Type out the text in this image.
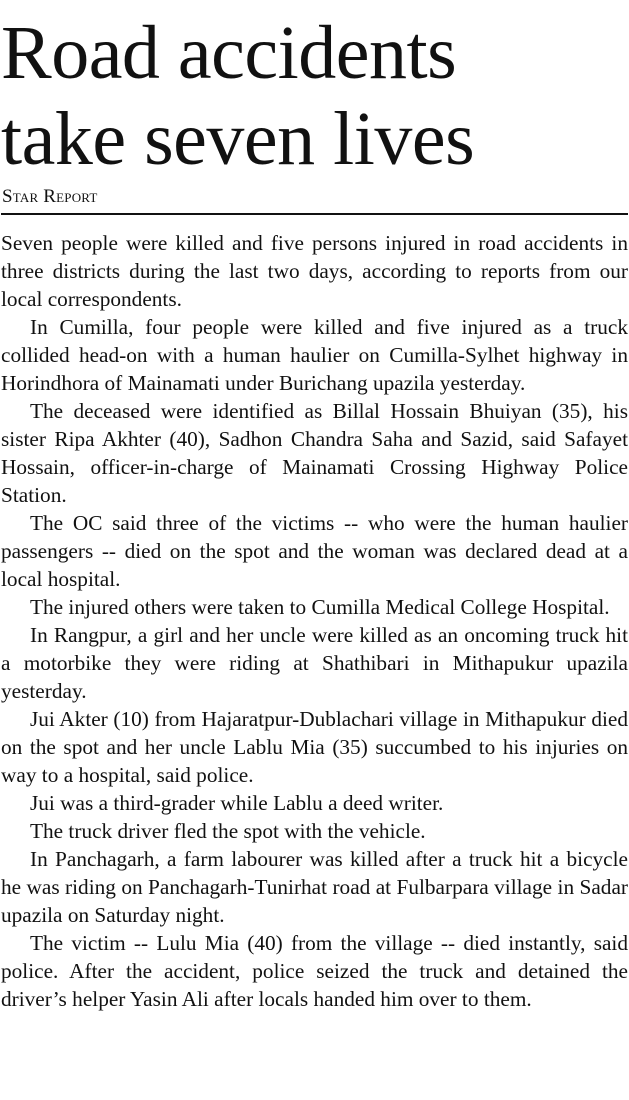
Road accidents
take seven lives
Star Report

Seven people were killed and five persons injured in road accidents in three districts during the last two days, according to reports from our local correspondents.

In Cumilla, four people were killed and five injured as a truck collided head-on with a human haulier on Cumilla-Sylhet highway in Horindhora of Mainamati under Burichang upazila yesterday.

The deceased were identified as Billal Hossain Bhuiyan (35), his sister Ripa Akhter (40), Sadhon Chandra Saha and Sazid, said Safayet Hossain, officer-in-charge of Mainamati Crossing Highway Police Station.

The OC said three of the victims -- who were the human haulier passengers -- died on the spot and the woman was declared dead at a local hospital.

The injured others were taken to Cumilla Medical College Hospital.

In Rangpur, a girl and her uncle were killed as an oncoming truck hit a motorbike they were riding at Shathibari in Mithapukur upazila yesterday.

Jui Akter (10) from Hajaratpur-Dublachari village in Mithapukur died on the spot and her uncle Lablu Mia (35) succumbed to his injuries on way to a hospital, said police.

Jui was a third-grader while Lablu a deed writer.

The truck driver fled the spot with the vehicle.

In Panchagarh, a farm labourer was killed after a truck hit a bicycle he was riding on Panchagarh-Tunirhat road at Fulbarpara village in Sadar upazila on Saturday night.

The victim -- Lulu Mia (40) from the village -- died instantly, said police. After the accident, police seized the truck and detained the driver’s helper Yasin Ali after locals handed him over to them.
